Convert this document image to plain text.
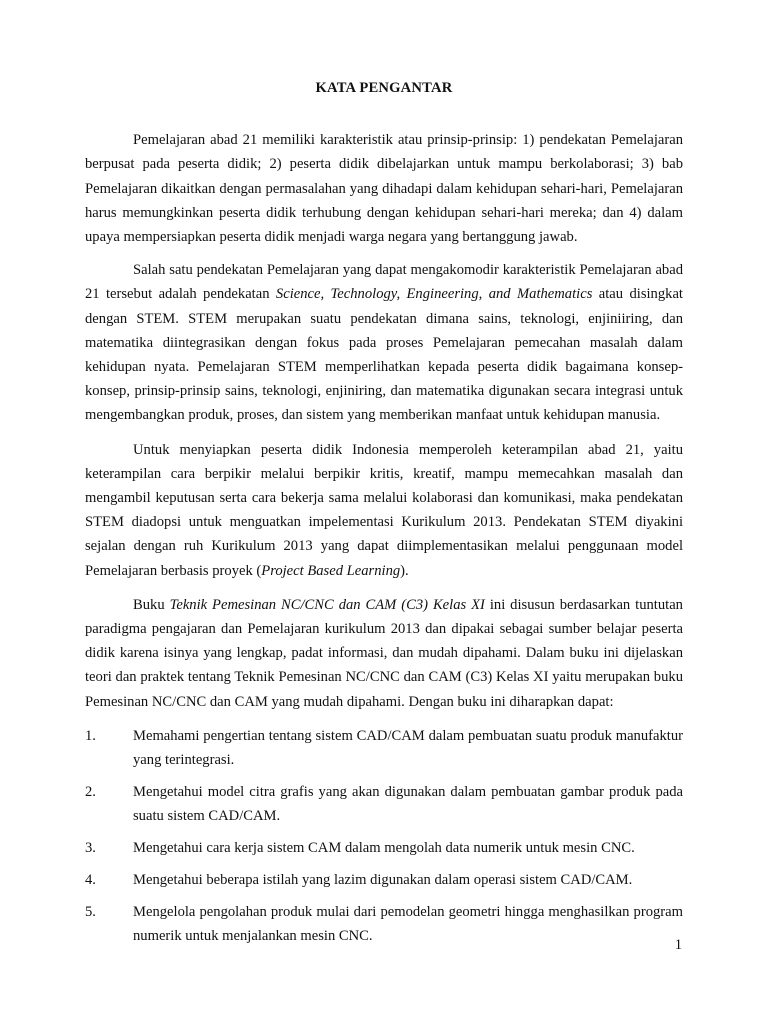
KATA PENGANTAR

Pemelajaran abad 21 memiliki karakteristik atau prinsip-prinsip: 1) pendekatan Pemelajaran berpusat pada peserta didik; 2) peserta didik dibelajarkan untuk mampu berkolaborasi; 3) bab Pemelajaran dikaitkan dengan permasalahan yang dihadapi dalam kehidupan sehari-hari, Pemelajaran harus memungkinkan peserta didik terhubung dengan kehidupan sehari-hari mereka; dan 4) dalam upaya mempersiapkan peserta didik menjadi warga negara yang bertanggung jawab.

Salah satu pendekatan Pemelajaran yang dapat mengakomodir karakteristik Pemelajaran abad 21 tersebut adalah pendekatan Science, Technology, Engineering, and Mathematics atau disingkat dengan STEM. STEM merupakan suatu pendekatan dimana sains, teknologi, enjiniiring, dan matematika diintegrasikan dengan fokus pada proses Pemelajaran pemecahan masalah dalam kehidupan nyata. Pemelajaran STEM memperlihatkan kepada peserta didik bagaimana konsep-konsep, prinsip-prinsip sains, teknologi, enjiniring, dan matematika digunakan secara integrasi untuk mengembangkan produk, proses, dan sistem yang memberikan manfaat untuk kehidupan manusia.

Untuk menyiapkan peserta didik Indonesia memperoleh keterampilan abad 21, yaitu keterampilan cara berpikir melalui berpikir kritis, kreatif, mampu memecahkan masalah dan mengambil keputusan serta cara bekerja sama melalui kolaborasi dan komunikasi, maka pendekatan STEM diadopsi untuk menguatkan impelementasi Kurikulum 2013. Pendekatan STEM diyakini sejalan dengan ruh Kurikulum 2013 yang dapat diimplementasikan melalui penggunaan model Pemelajaran berbasis proyek (Project Based Learning).

Buku Teknik Pemesinan NC/CNC dan CAM (C3) Kelas XI ini disusun berdasarkan tuntutan paradigma pengajaran dan Pemelajaran kurikulum 2013 dan dipakai sebagai sumber belajar peserta didik karena isinya yang lengkap, padat informasi, dan mudah dipahami. Dalam buku ini dijelaskan teori dan praktek tentang Teknik Pemesinan NC/CNC dan CAM (C3) Kelas XI yaitu merupakan buku Pemesinan NC/CNC dan CAM yang mudah dipahami. Dengan buku ini diharapkan dapat:

1.	Memahami pengertian tentang sistem CAD/CAM dalam pembuatan suatu produk manufaktur yang terintegrasi.
2.	Mengetahui model citra grafis yang akan digunakan dalam pembuatan gambar produk pada suatu sistem CAD/CAM.
3.	Mengetahui cara kerja sistem CAM dalam mengolah data numerik untuk mesin CNC.
4.	Mengetahui beberapa istilah yang lazim digunakan dalam operasi sistem CAD/CAM.
5.	Mengelola pengolahan produk mulai dari pemodelan geometri hingga menghasilkan program numerik untuk menjalankan mesin CNC.
1
